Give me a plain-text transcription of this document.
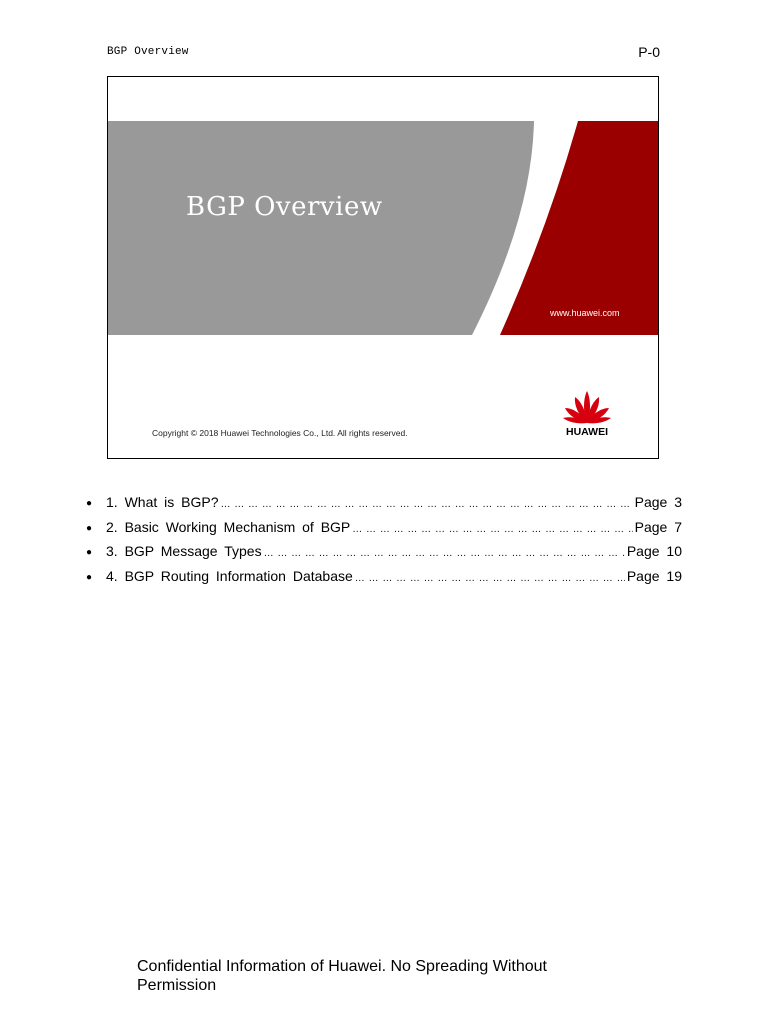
BGP Overview	P-0
BGP Overview
www.huawei.com
Copyright © 2018 Huawei Technologies Co., Ltd. All rights reserved.	HUAWEI
● 1. What is BGP? … … … … … … … … … … … … … … … … … … … … … … … … … … … … … … … … … … … … …	Page 3
● 2. Basic Working Mechanism of BGP … … … … … … … … … … … … … … … … … … … … … … … … … … … … … … … … … … … … …	Page 7
● 3. BGP Message Types … … … … … … … … … … … … … … … … … … … … … … … … … … … … … … … … … … … … …	Page 10
● 4. BGP Routing Information Database … … … … … … … … … … … … … … … … … … … … … … … … … … … … … … … … … … … … …	Page 19
Confidential Information of Huawei. No Spreading Without Permission
